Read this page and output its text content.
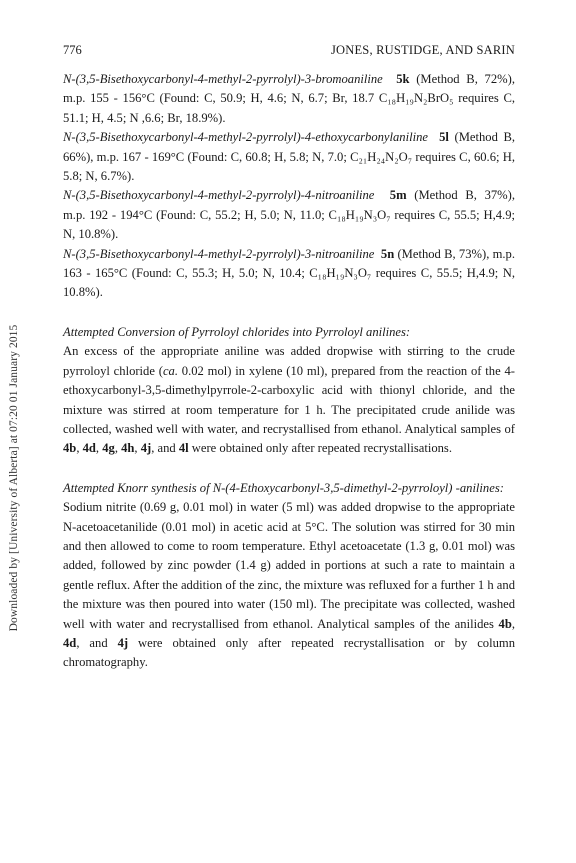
Downloaded by [University of Alberta] at 07:20 01 January 2015
776	JONES, RUSTIDGE, AND SARIN

N-(3,5-Bisethoxycarbonyl-4-methyl-2-pyrrolyl)-3-bromoaniline 5k (Method B, 72%), m.p. 155 - 156°C (Found: C, 50.9; H, 4.6; N, 6.7; Br, 18.7 C₁₈H₁₉N₂BrO₅ requires C, 51.1; H, 4.5; N ,6.6; Br, 18.9%).

N-(3,5-Bisethoxycarbonyl-4-methyl-2-pyrrolyl)-4-ethoxycarbonylaniline 5l (Method B, 66%), m.p. 167 - 169°C (Found: C, 60.8; H, 5.8; N, 7.0; C₂₁H₂₄N₂O₇ requires C, 60.6; H, 5.8; N, 6.7%).

N-(3,5-Bisethoxycarbonyl-4-methyl-2-pyrrolyl)-4-nitroaniline 5m (Method B, 37%), m.p. 192 - 194°C (Found: C, 55.2; H, 5.0; N, 11.0; C₁₈H₁₉N₃O₇ requires C, 55.5; H,4.9; N, 10.8%).

N-(3,5-Bisethoxycarbonyl-4-methyl-2-pyrrolyl)-3-nitroaniline 5n (Method B, 73%), m.p. 163 - 165°C (Found: C, 55.3; H, 5.0; N, 10.4; C₁₈H₁₉N₃O₇ requires C, 55.5; H,4.9; N, 10.8%).

Attempted Conversion of Pyrroloyl chlorides into Pyrroloyl anilines:

An excess of the appropriate aniline was added dropwise with stirring to the crude pyrroloyl chloride (ca. 0.02 mol) in xylene (10 ml), prepared from the reaction of the 4-ethoxycarbonyl-3,5-dimethylpyrrole-2-carboxylic acid with thionyl chloride, and the mixture was stirred at room temperature for 1 h. The precipitated crude anilide was collected, washed well with water, and recrystallised from ethanol. Analytical samples of 4b, 4d, 4g, 4h, 4j, and 4l were obtained only after repeated recrystallisations.

Attempted Knorr synthesis of N-(4-Ethoxycarbonyl-3,5-dimethyl-2-pyrroloyl) -anilines:

Sodium nitrite (0.69 g, 0.01 mol) in water (5 ml) was added dropwise to the appropriate N-acetoacetanilide (0.01 mol) in acetic acid at 5°C. The solution was stirred for 30 min and then allowed to come to room temperature. Ethyl acetoacetate (1.3 g, 0.01 mol) was added, followed by zinc powder (1.4 g) added in portions at such a rate to maintain a gentle reflux. After the addition of the zinc, the mixture was refluxed for a further 1 h and the mixture was then poured into water (150 ml). The precipitate was collected, washed well with water and recrystallised from ethanol. Analytical samples of the anilides 4b, 4d, and 4j were obtained only after repeated recrystallisation or by column chromatography.
